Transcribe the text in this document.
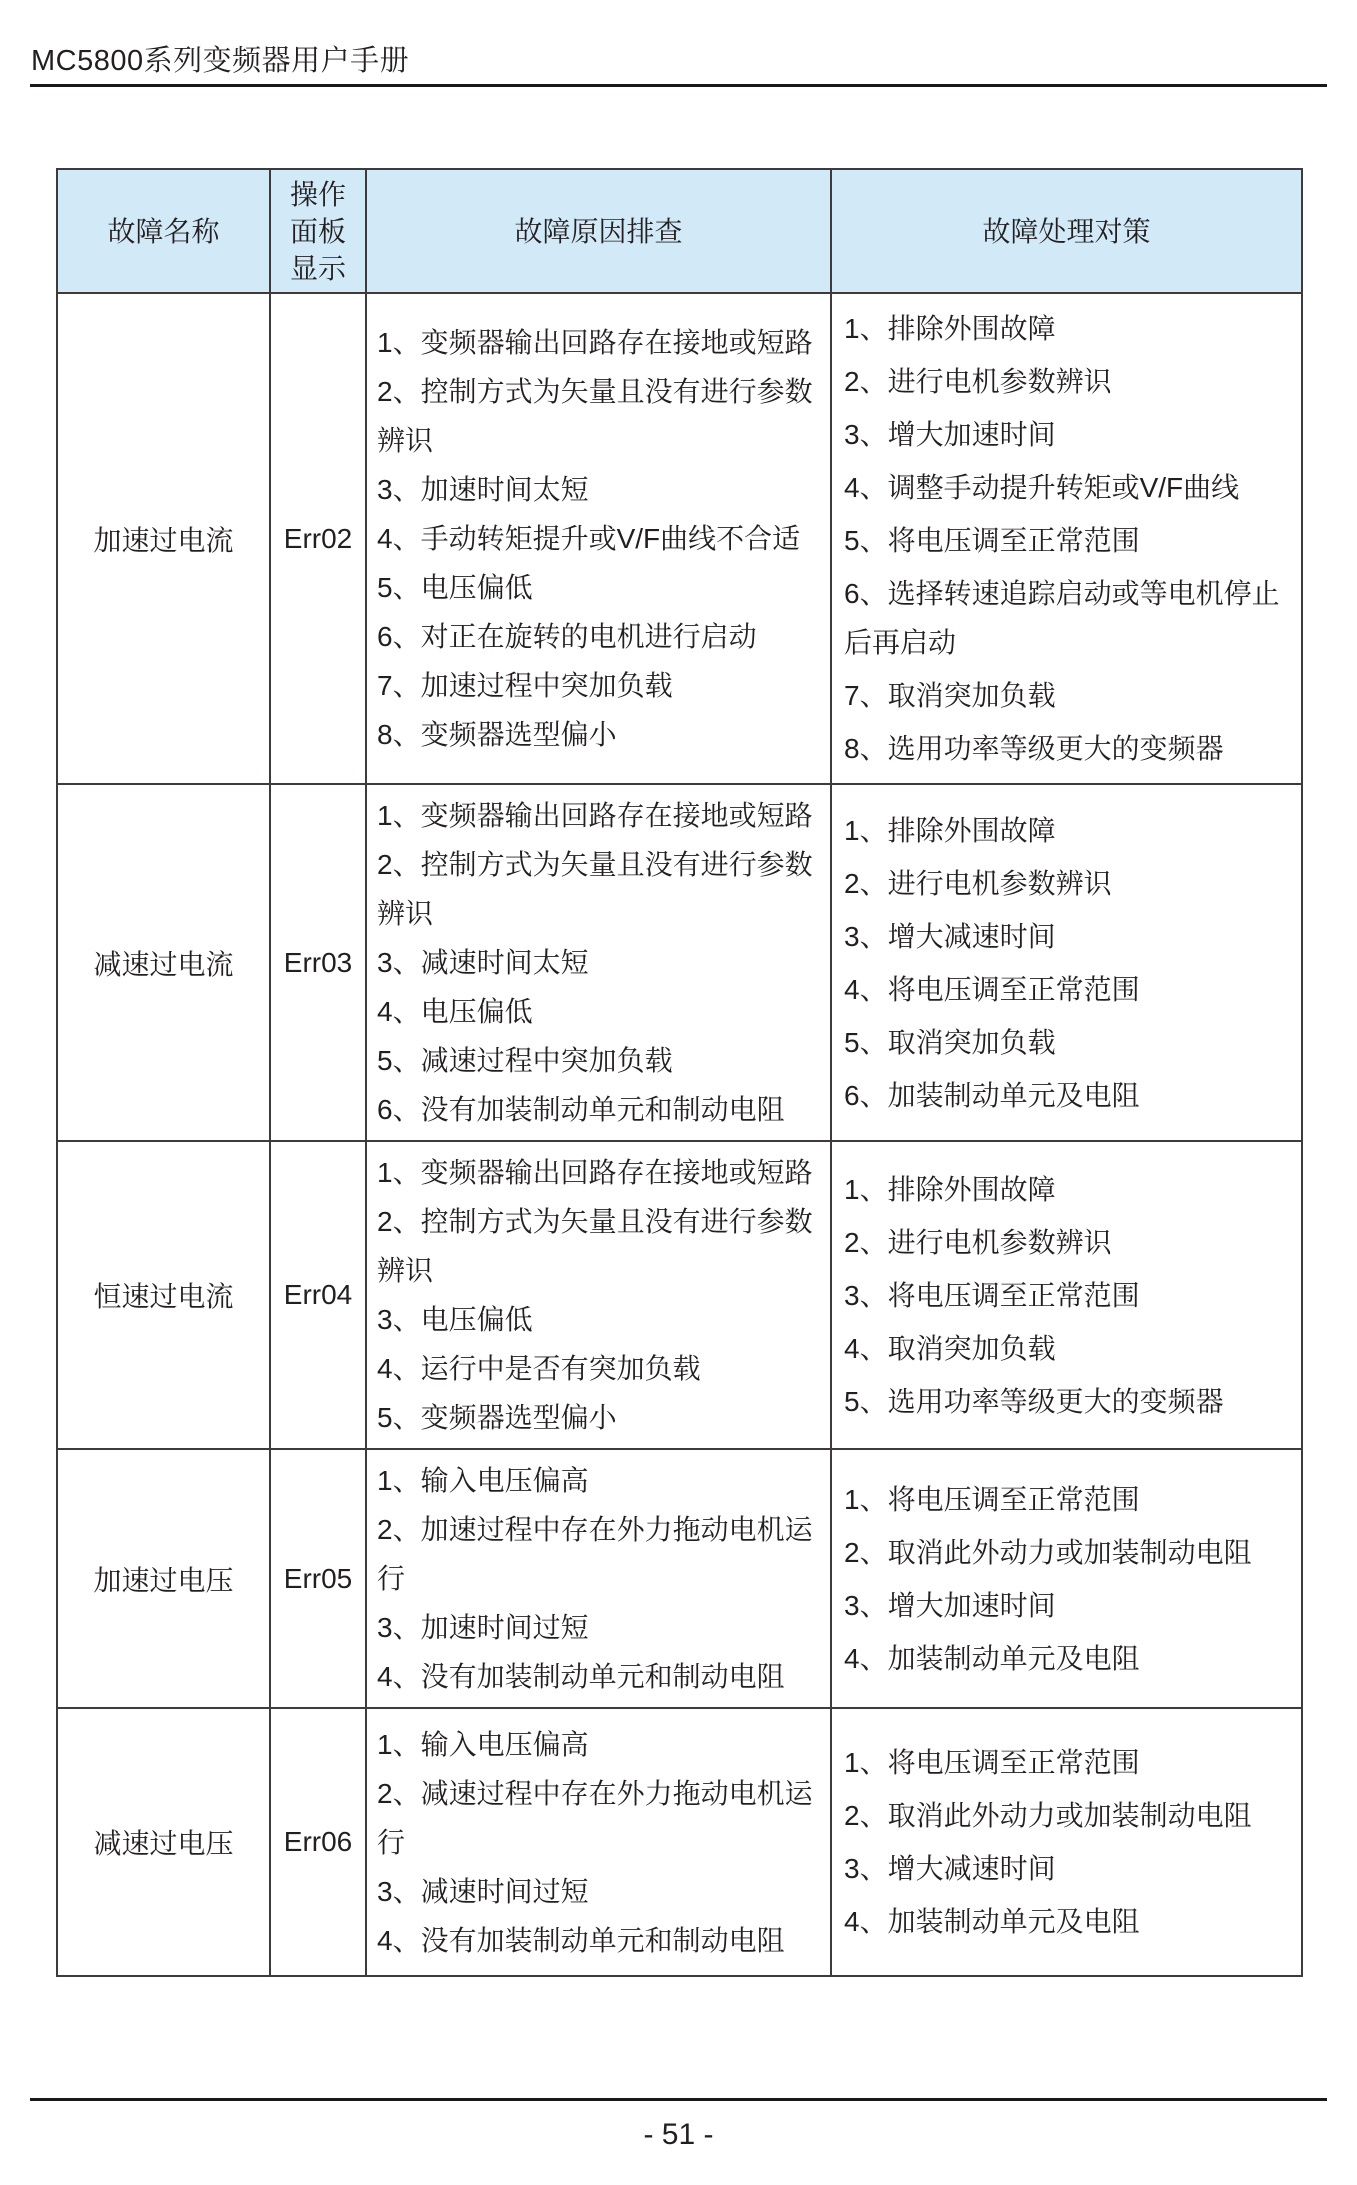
MC5800系列变频器用户手册
故障名称	操作面板显示	故障原因排查	故障处理对策
加速过电流	Err02	
1、变频器输出回路存在接地或短路
2、控制方式为矢量且没有进行参数辨识
3、加速时间太短
4、手动转矩提升或V/F曲线不合适
5、电压偏低
6、对正在旋转的电机进行启动
7、加速过程中突加负载
8、变频器选型偏小

1、排除外围故障
2、进行电机参数辨识
3、增大加速时间
4、调整手动提升转矩或V/F曲线
5、将电压调至正常范围
6、选择转速追踪启动或等电机停止后再启动
7、取消突加负载
8、选用功率等级更大的变频器

减速过电流	Err03	
1、变频器输出回路存在接地或短路
2、控制方式为矢量且没有进行参数辨识
3、减速时间太短
4、电压偏低
5、减速过程中突加负载
6、没有加装制动单元和制动电阻

1、排除外围故障
2、进行电机参数辨识
3、增大减速时间
4、将电压调至正常范围
5、取消突加负载
6、加装制动单元及电阻

恒速过电流	Err04	
1、变频器输出回路存在接地或短路
2、控制方式为矢量且没有进行参数辨识
3、电压偏低
4、运行中是否有突加负载
5、变频器选型偏小

1、排除外围故障
2、进行电机参数辨识
3、将电压调至正常范围
4、取消突加负载
5、选用功率等级更大的变频器

加速过电压	Err05	
1、输入电压偏高
2、加速过程中存在外力拖动电机运行
3、加速时间过短
4、没有加装制动单元和制动电阻

1、将电压调至正常范围
2、取消此外动力或加装制动电阻
3、增大加速时间
4、加装制动单元及电阻

减速过电压	Err06	
1、输入电压偏高
2、减速过程中存在外力拖动电机运行
3、减速时间过短
4、没有加装制动单元和制动电阻

1、将电压调至正常范围
2、取消此外动力或加装制动电阻
3、增大减速时间
4、加装制动单元及电阻
- 51 -
